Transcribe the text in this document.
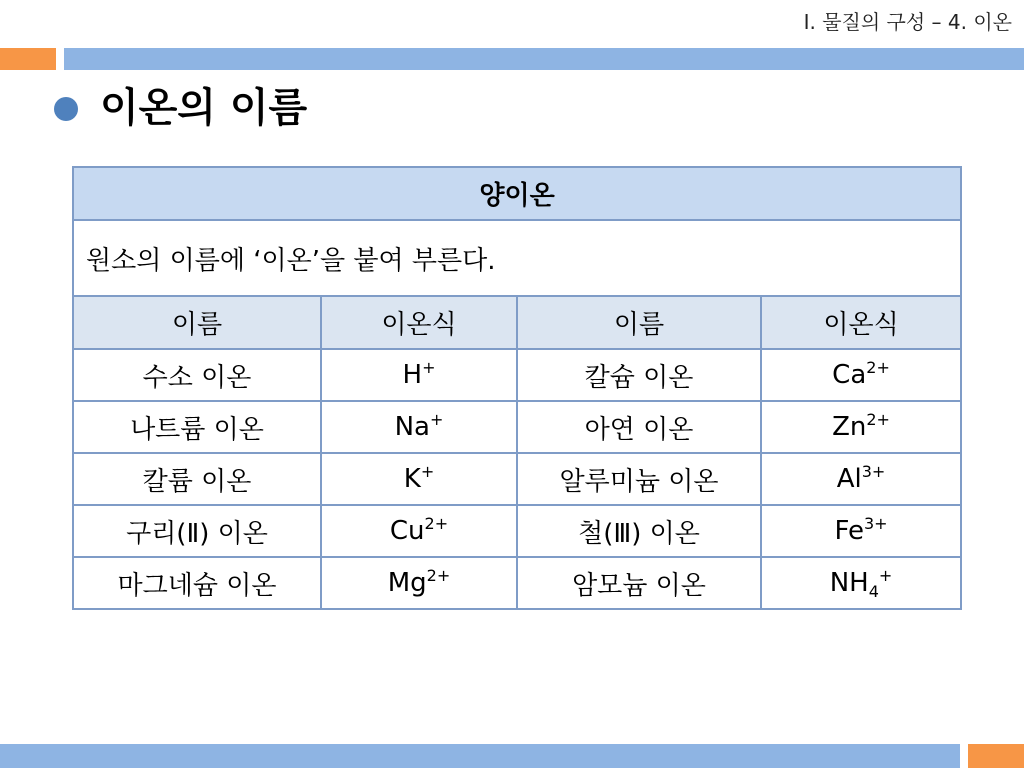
Ⅰ. 물질의 구성 – 4. 이온
이온의 이름
양이온			
원소의 이름에 ‘이온’을 붙여 부른다.			
이름	이온식	이름	이온식
수소 이온	H+	칼슘 이온	$Ca^{2+}$
나트륨 이온	Na+	아연 이온	$Zn^{2+}$
칼륨 이온	K+	알루미늄 이온	$Al^{3+}$
구리(Ⅱ) 이온	$Cu^{2+}$	철(Ⅲ) 이온	$Fe^{3+}$
마그네슘 이온	$Mg^{2+}$	암모늄 이온	$NH_4^+$
